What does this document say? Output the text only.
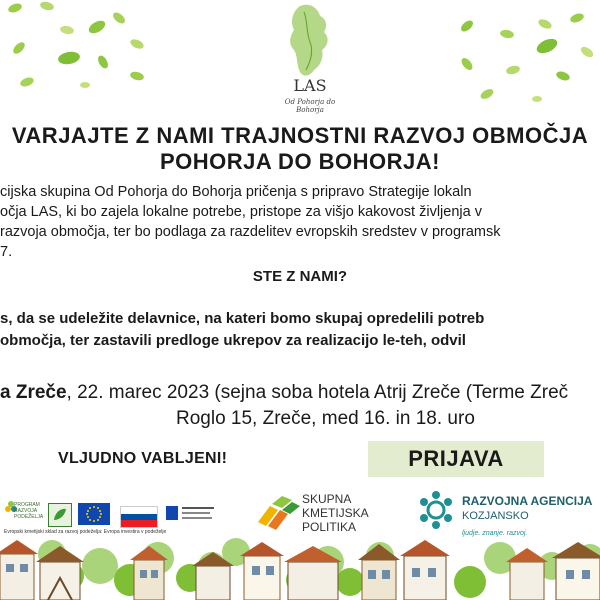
LAS
Od Pohorja do Bohorja
VARJAJTE Z NAMI TRAJNOSTNI RAZVOJ OBMOČJA
POHORJA DO BOHORJA!
cijska skupina Od Pohorja do Bohorja pričenja s pripravo Strategije lokaln
očja LAS, ki bo zajela lokalne potrebe, pristope za višjo kakovost življenja v
razvoja območja, ter bo podlaga za razdelitev evropskih sredstev v programsk
7.
STE Z NAMI?
s, da se udeležite delavnice, na kateri bomo skupaj opredelili potreb
območja, ter zastavili predloge ukrepov za realizacijo le-teh, odvil
a Zreče, 22. marec 2023 (sejna soba hotela Atrij Zreče (Terme Zreč
Roglo 15, Zreče, med 16. in 18. uro
VLJUDNO VABLJENI!	PRIJAVA
PROGRAM RAZVOJA PODEŽELJA
Evropski kmetijski sklad za razvoj podeželja: Evropa investira v podeželje
SKUPNA
KMETIJSKA
POLITIKA
RAZVOJNA AGENCIJA
KOZJANSKO
ljudje. znanje. razvoj.
